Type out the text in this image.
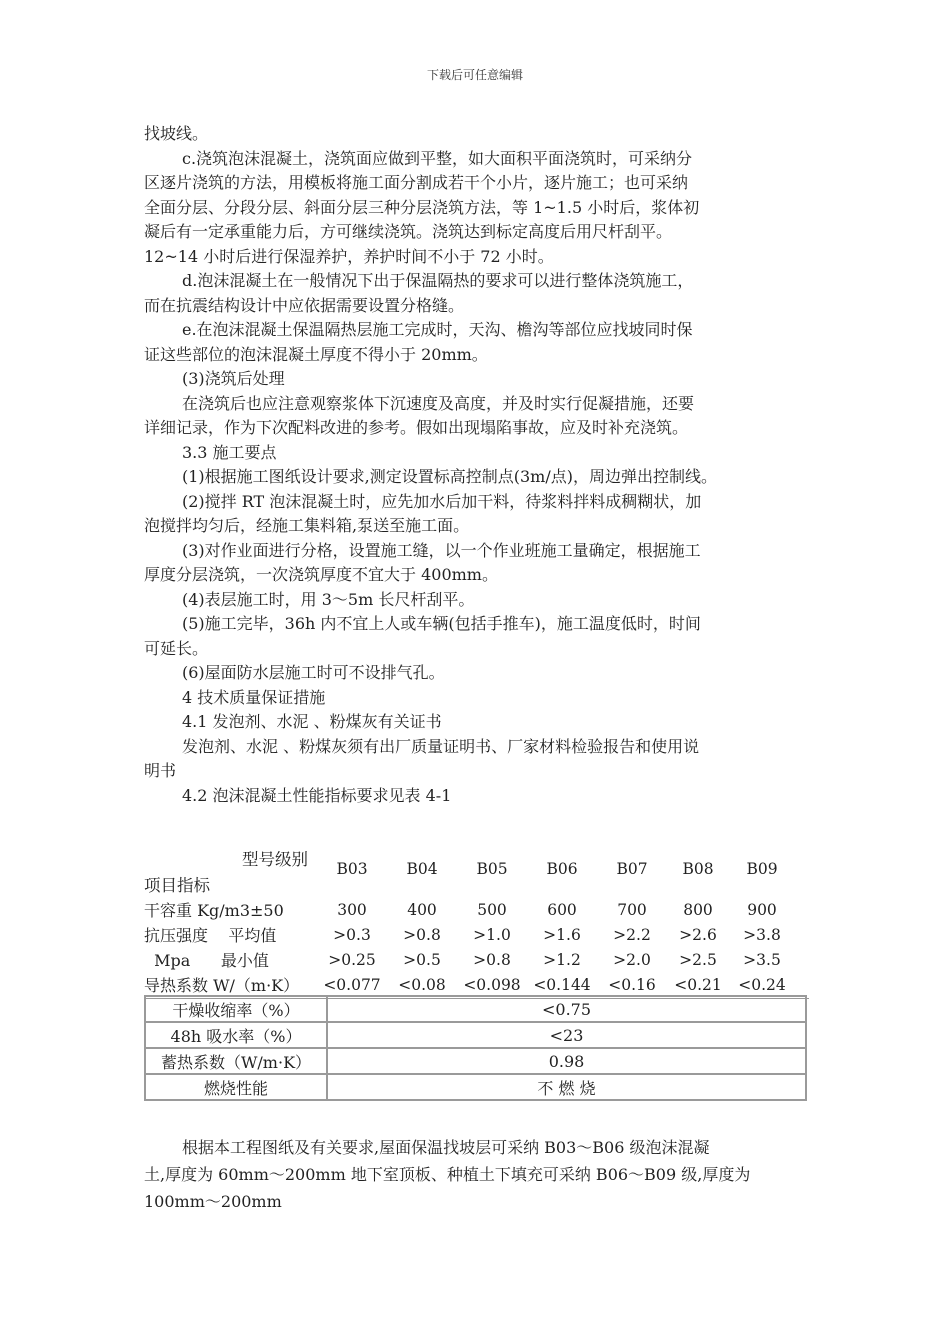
下载后可任意编辑

找坡线。

c.浇筑泡沫混凝土，浇筑面应做到平整，如大面积平面浇筑时，可采纳分

区逐片浇筑的方法，用模板将施工面分割成若干个小片，逐片施工；也可采纳

全面分层、分段分层、斜面分层三种分层浇筑方法，等 1~1.5 小时后，浆体初

凝后有一定承重能力后，方可继续浇筑。浇筑达到标定高度后用尺杆刮平。

12~14 小时后进行保湿养护，养护时间不小于 72 小时。

d.泡沫混凝土在一般情况下出于保温隔热的要求可以进行整体浇筑施工，

而在抗震结构设计中应依据需要设置分格缝。

e.在泡沫混凝土保温隔热层施工完成时，天沟、檐沟等部位应找坡同时保

证这些部位的泡沫混凝土厚度不得小于 20mm。

(3)浇筑后处理

在浇筑后也应注意观察浆体下沉速度及高度，并及时实行促凝措施，还要

详细记录，作为下次配料改进的参考。假如出现塌陷事故，应及时补充浇筑。

3.3 施工要点

(1)根据施工图纸设计要求,测定设置标高控制点(3m/点)，周边弹出控制线。

(2)搅拌 RT 泡沫混凝土时，应先加水后加干料，待浆料拌料成稠糊状，加

泡搅拌均匀后，经施工集料箱,泵送至施工面。

(3)对作业面进行分格，设置施工缝，以一个作业班施工量确定，根据施工

厚度分层浇筑，一次浇筑厚度不宜大于 400mm。

(4)表层施工时，用 3～5m 长尺杆刮平。

(5)施工完毕，36h 内不宜上人或车辆(包括手推车)，施工温度低时，时间

可延长。

(6)屋面防水层施工时可不设排气孔。

4 技术质量保证措施

4.1 发泡剂、水泥 、粉煤灰有关证书

发泡剂、水泥 、粉煤灰须有出厂质量证明书、厂家材料检验报告和使用说

明书

4.2 泡沫混凝土性能指标要求见表 4-1

型号级别
项目指标
B03	B04	B05	B06	B07 B08 B09
干容重 Kg/m3±50	300	400	500	600	700	800	900
抗压强度    平均值	>0.3	>0.8	>1.0	>1.6	>2.2	>2.6	>3.8
Mpa      最小值	>0.25	>0.5	>0.8	>1.2	>2.0	>2.5	>3.5
导热系数 W/（m·K）	<0.077	<0.08	<0.098 <0.144	<0.16	<0.21	<0.24
干燥收缩率（%）	<0.75
48h 吸水率（%）	<23
蓄热系数（W/m·K）	0.98
燃烧性能	不 燃 烧

根据本工程图纸及有关要求,屋面保温找坡层可采纳 B03～B06 级泡沫混凝

土,厚度为 60mm～200mm 地下室顶板、种植土下填充可采纳 B06～B09 级,厚度为

100mm～200mm
